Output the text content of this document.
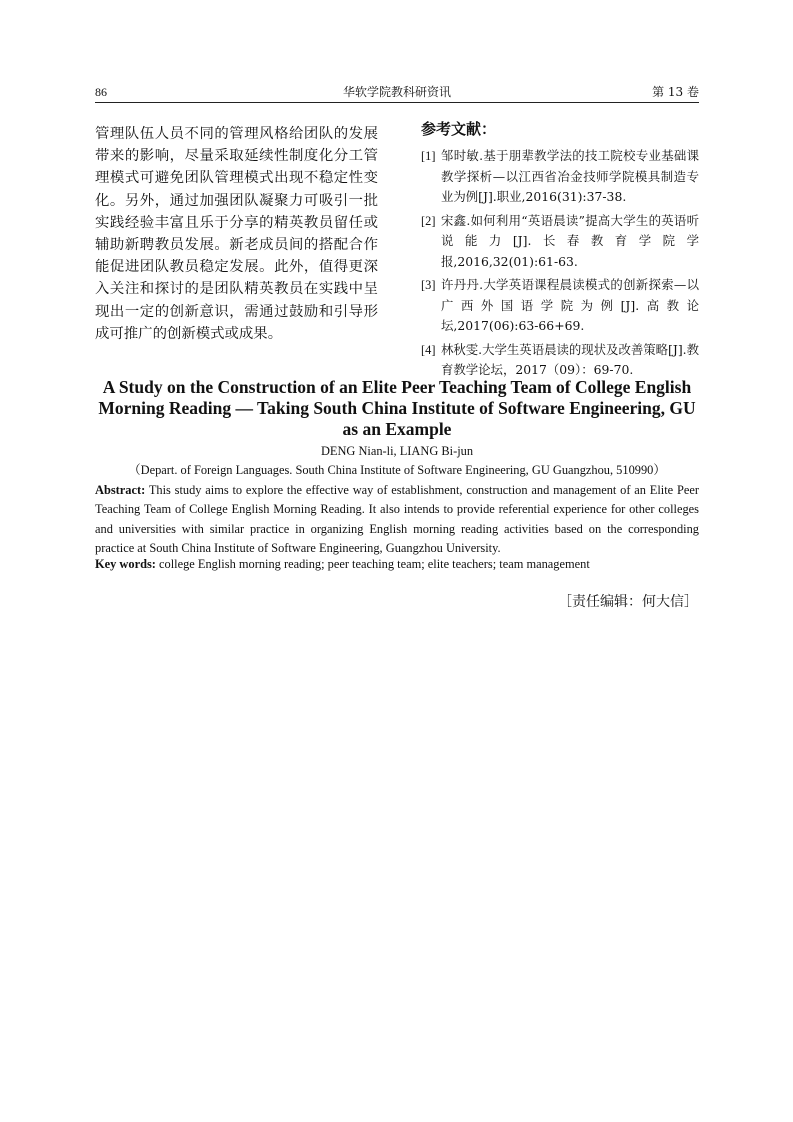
86	华软学院教科研资讯	第 13 卷

管理队伍人员不同的管理风格给团队的发展带来的影响，尽量采取延续性制度化分工管理模式可避免团队管理模式出现不稳定性变化。另外，通过加强团队凝聚力可吸引一批实践经验丰富且乐于分享的精英教员留任或辅助新聘教员发展。新老成员间的搭配合作能促进团队教员稳定发展。此外，值得更深入关注和探讨的是团队精英教员在实践中呈现出一定的创新意识，需通过鼓励和引导形成可推广的创新模式或成果。

参考文献：
[1] 邹时敏.基于朋辈教学法的技工院校专业基础课教学探析—以江西省冶金技师学院模具制造专业为例[J].职业,2016(31):37-38.
[2] 宋鑫.如何利用“英语晨读”提高大学生的英语听说能力[J].长春教育学院学报,2016,32(01):61-63.
[3] 许丹丹.大学英语课程晨读模式的创新探索—以广西外国语学院为例[J].高教论坛,2017(06):63-66+69.
[4] 林秋雯.大学生英语晨读的现状及改善策略[J].教育教学论坛，2017（09）：69-70.
A Study on the Construction of an Elite Peer Teaching Team of College English Morning Reading — Taking South China Institute of Software Engineering, GU as an Example
DENG Nian-li, LIANG Bi-jun
（Depart. of Foreign Languages. South China Institute of Software Engineering, GU Guangzhou, 510990）

Abstract: This study aims to explore the effective way of establishment, construction and management of an Elite Peer Teaching Team of College English Morning Reading. It also intends to provide referential experience for other colleges and universities with similar practice in organizing English morning reading activities based on the corresponding practice at South China Institute of Software Engineering, Guangzhou University.

Key words: college English morning reading; peer teaching team; elite teachers; team management

［责任编辑：何大信］
